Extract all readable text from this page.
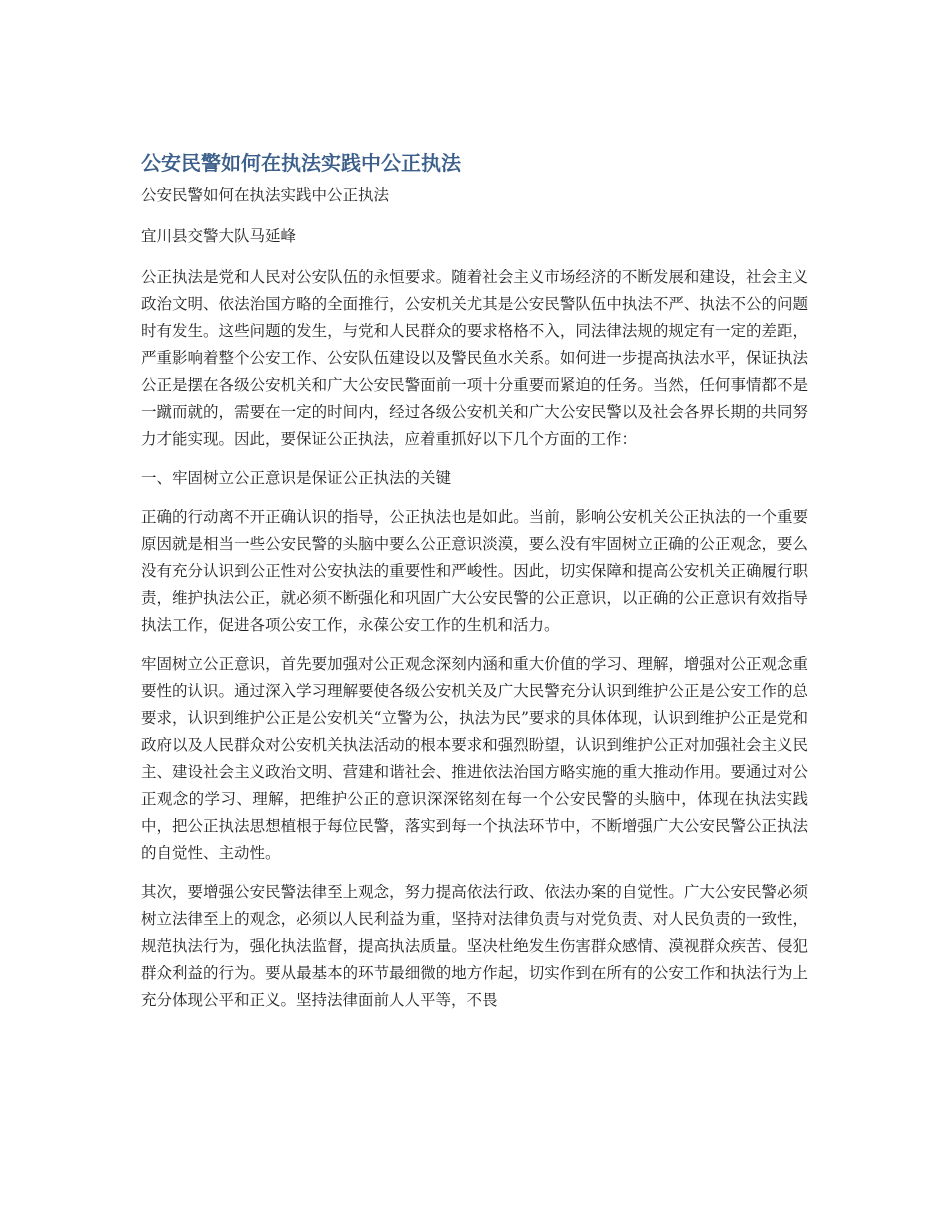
公安民警如何在执法实践中公正执法

公安民警如何在执法实践中公正执法

宜川县交警大队马延峰

公正执法是党和人民对公安队伍的永恒要求。随着社会主义市场经济的不断发展和建设，社会主义政治文明、依法治国方略的全面推行，公安机关尤其是公安民警队伍中执法不严、执法不公的问题时有发生。这些问题的发生，与党和人民群众的要求格格不入，同法律法规的规定有一定的差距，严重影响着整个公安工作、公安队伍建设以及警民鱼水关系。如何进一步提高执法水平，保证执法公正是摆在各级公安机关和广大公安民警面前一项十分重要而紧迫的任务。当然，任何事情都不是一蹴而就的，需要在一定的时间内，经过各级公安机关和广大公安民警以及社会各界长期的共同努力才能实现。因此，要保证公正执法，应着重抓好以下几个方面的工作：

一、牢固树立公正意识是保证公正执法的关键

正确的行动离不开正确认识的指导，公正执法也是如此。当前，影响公安机关公正执法的一个重要原因就是相当一些公安民警的头脑中要么公正意识淡漠，要么没有牢固树立正确的公正观念，要么没有充分认识到公正性对公安执法的重要性和严峻性。因此，切实保障和提高公安机关正确履行职责，维护执法公正，就必须不断强化和巩固广大公安民警的公正意识，以正确的公正意识有效指导执法工作，促进各项公安工作，永葆公安工作的生机和活力。

牢固树立公正意识，首先要加强对公正观念深刻内涵和重大价值的学习、理解，增强对公正观念重要性的认识。通过深入学习理解要使各级公安机关及广大民警充分认识到维护公正是公安工作的总要求，认识到维护公正是公安机关“立警为公，执法为民”要求的具体体现，认识到维护公正是党和政府以及人民群众对公安机关执法活动的根本要求和强烈盼望，认识到维护公正对加强社会主义民主、建设社会主义政治文明、营建和谐社会、推进依法治国方略实施的重大推动作用。要通过对公正观念的学习、理解，把维护公正的意识深深铭刻在每一个公安民警的头脑中，体现在执法实践中，把公正执法思想植根于每位民警，落实到每一个执法环节中，不断增强广大公安民警公正执法的自觉性、主动性。

其次，要增强公安民警法律至上观念，努力提高依法行政、依法办案的自觉性。广大公安民警必须树立法律至上的观念，必须以人民利益为重，坚持对法律负责与对党负责、对人民负责的一致性，规范执法行为，强化执法监督，提高执法质量。坚决杜绝发生伤害群众感情、漠视群众疾苦、侵犯群众利益的行为。要从最基本的环节最细微的地方作起，切实作到在所有的公安工作和执法行为上充分体现公平和正义。坚持法律面前人人平等，不畏
